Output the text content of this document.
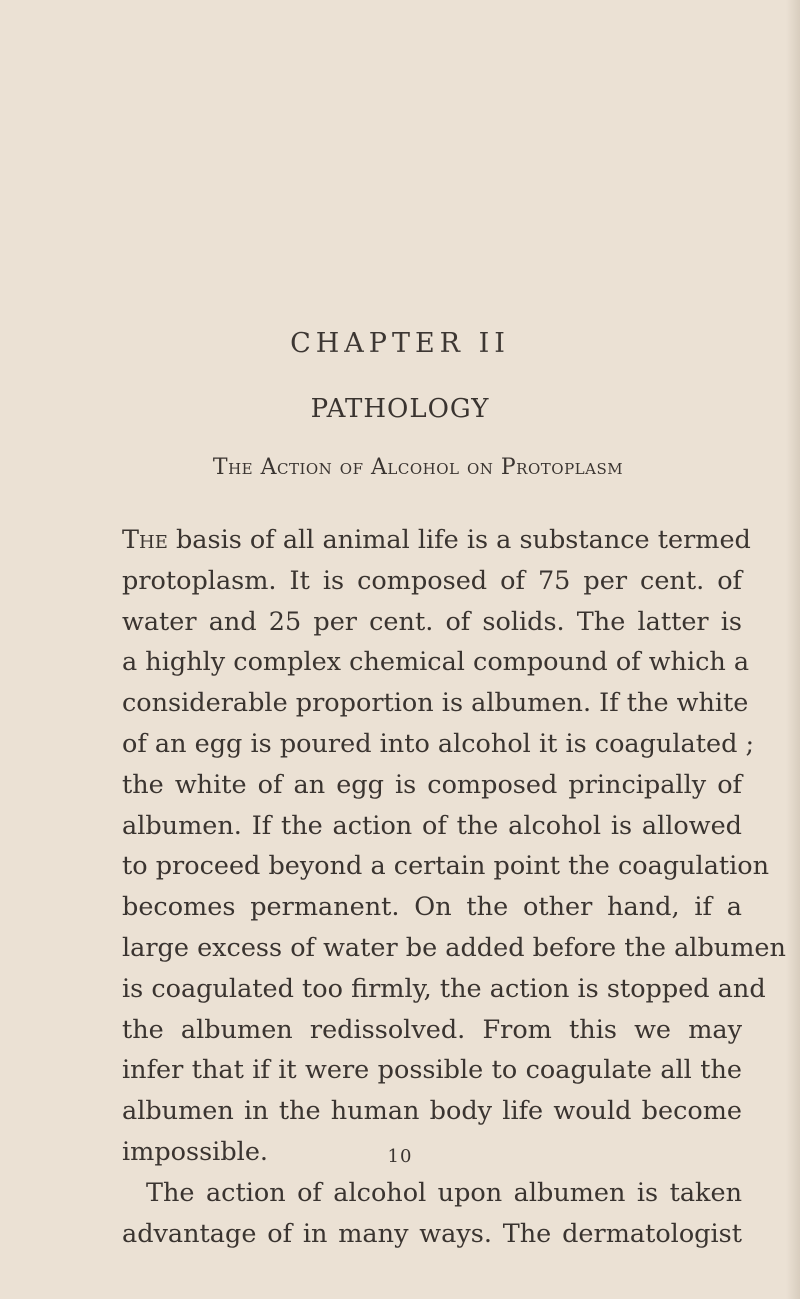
CHAPTER II
PATHOLOGY
The Action of Alcohol on Protoplasm
The basis of all animal life is a substance termed
protoplasm. It is composed of 75 per cent. of
water and 25 per cent. of solids. The latter is
a highly complex chemical compound of which a
considerable proportion is albumen. If the white
of an egg is poured into alcohol it is coagulated ;
the white of an egg is composed principally of
albumen. If the action of the alcohol is allowed
to proceed beyond a certain point the coagulation
becomes permanent. On the other hand, if a
large excess of water be added before the albumen
is coagulated too firmly, the action is stopped and
the albumen redissolved. From this we may
infer that if it were possible to coagulate all the
albumen in the human body life would become
impossible.
The action of alcohol upon albumen is taken
advantage of in many ways. The dermatologist
10
